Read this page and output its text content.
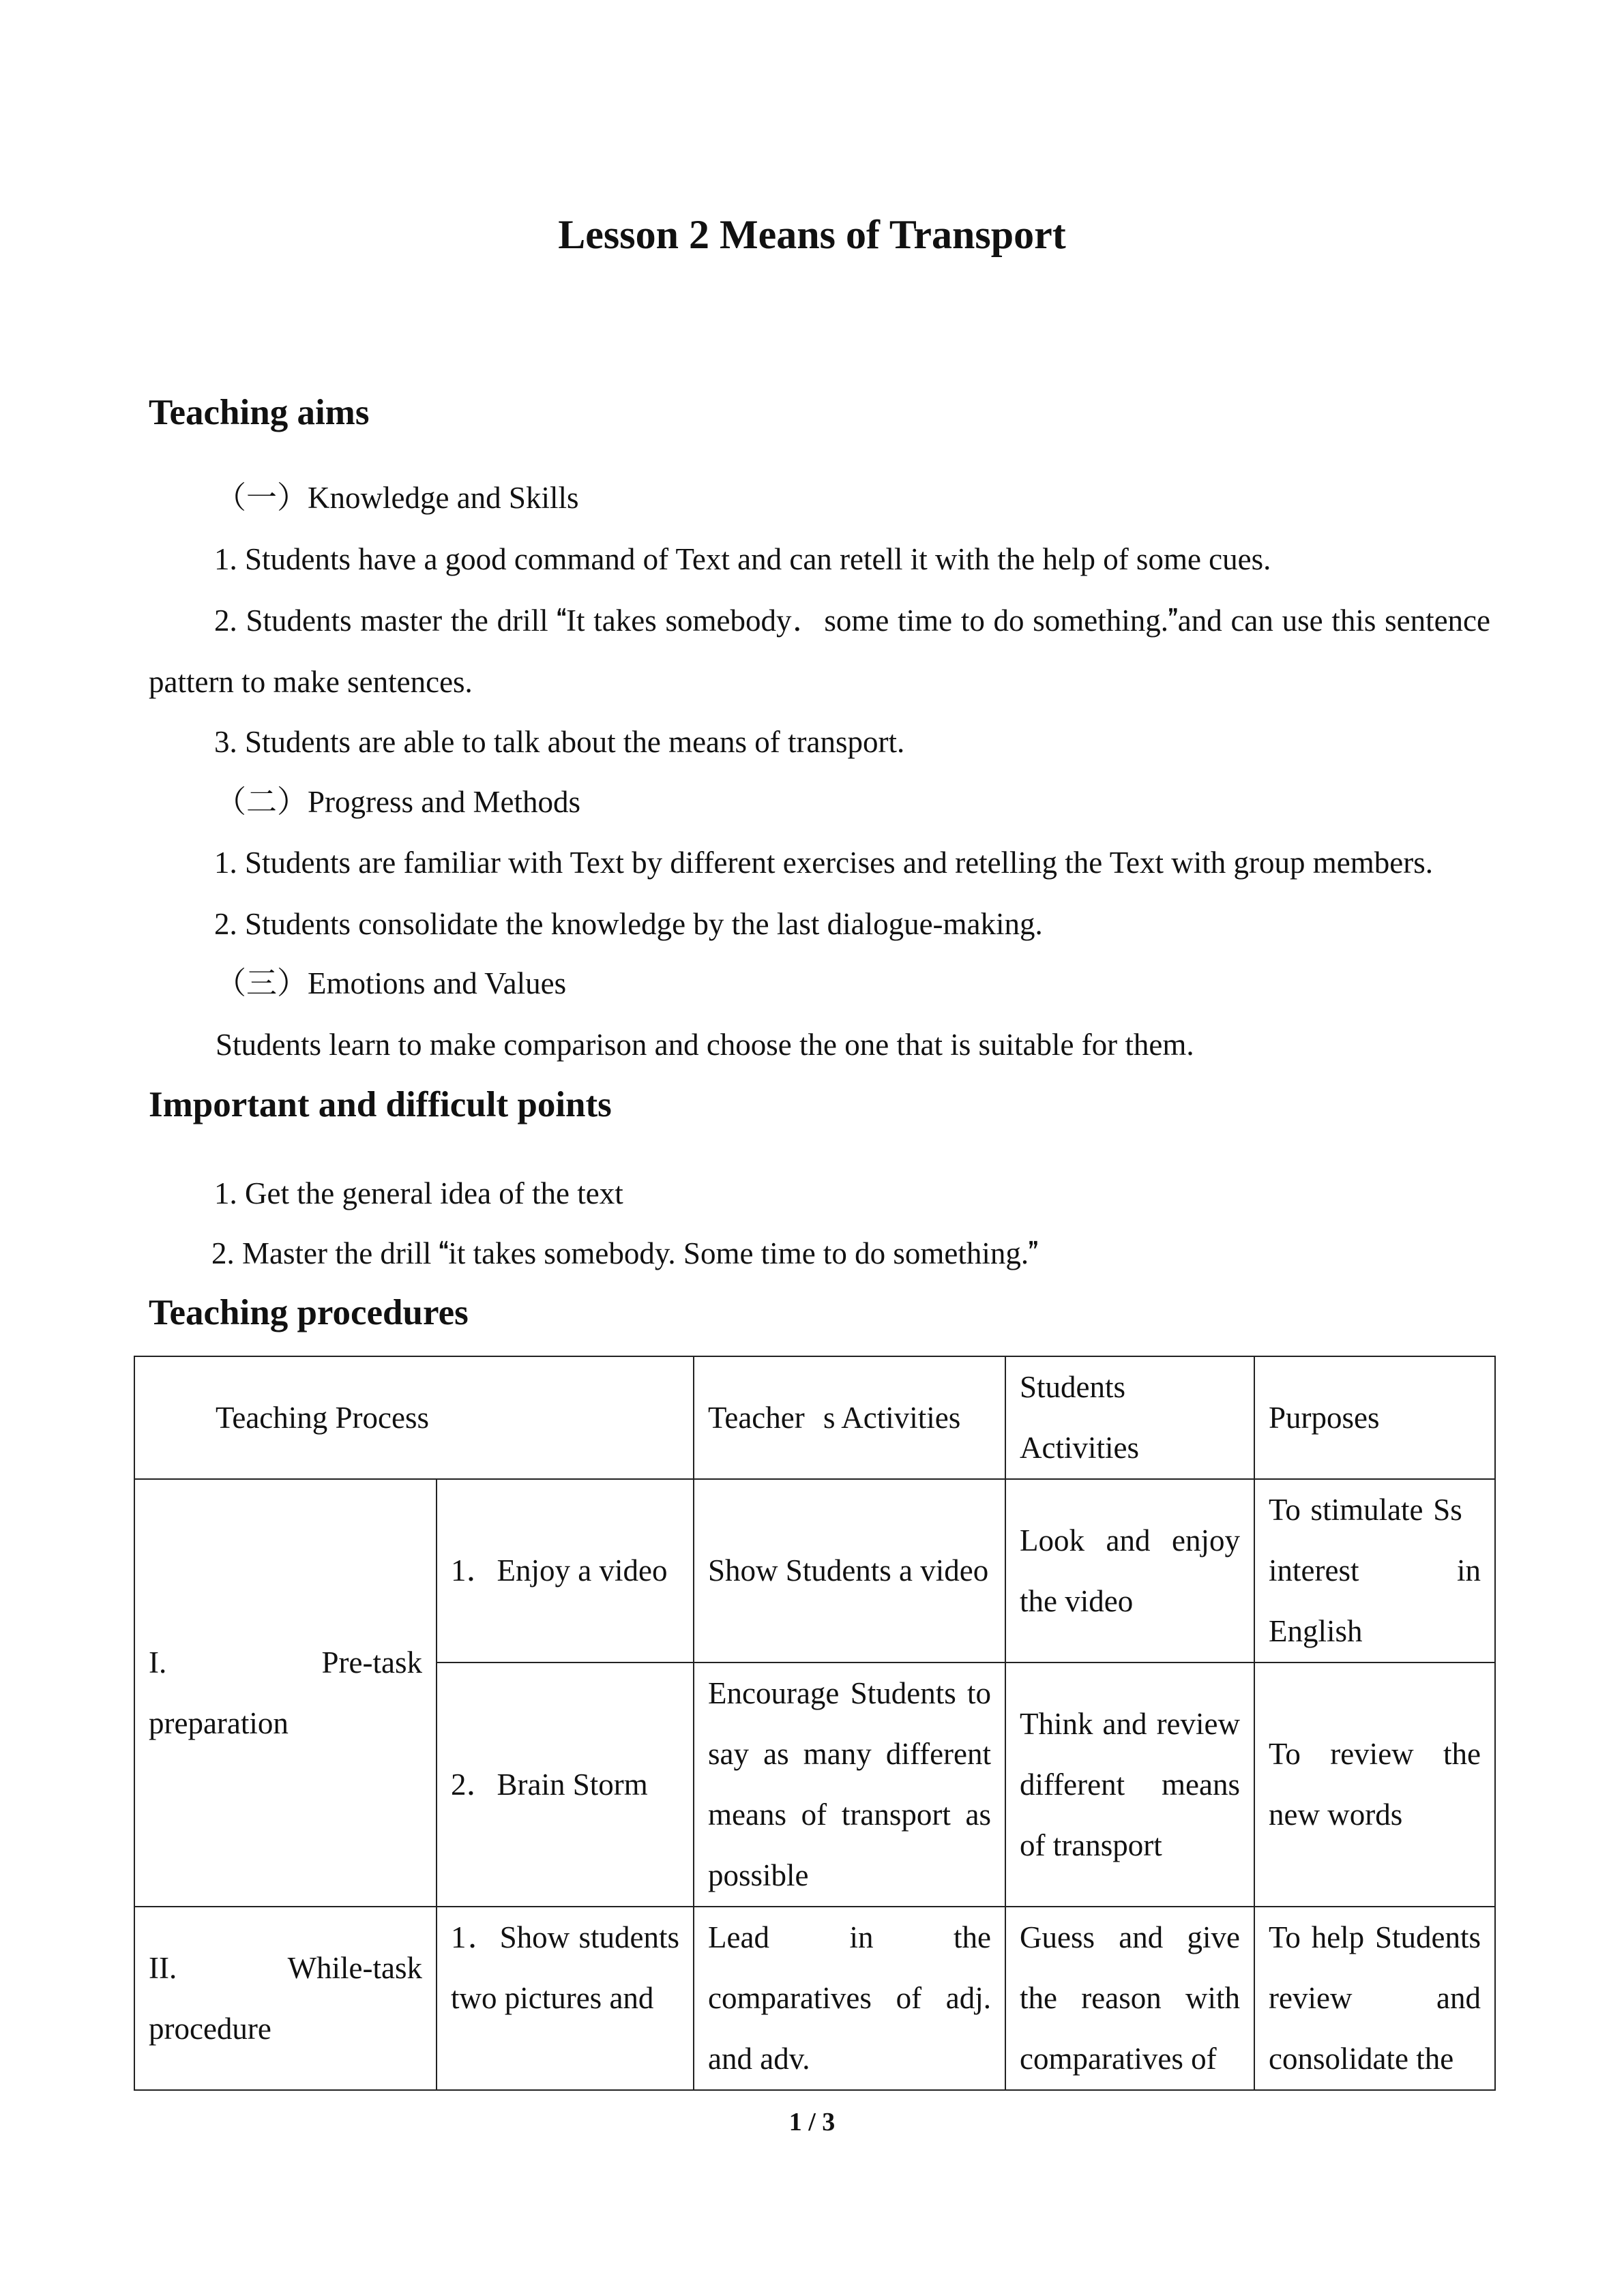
Lesson 2 Means of Transport
Teaching aims

（一）Knowledge and Skills

1. Students have a good command of Text and can retell it with the help of some cues.

2. Students master the drill It takes somebody．some time to do something.and can use this sentence pattern to make sentences.

3. Students are able to talk about the means of transport.

（二）Progress and Methods

1. Students are familiar with Text by different exercises and retelling the Text with group members.

2. Students consolidate the knowledge by the last dialogue-making.

（三）Emotions and Values

Students learn to make comparison and choose the one that is suitable for them.

Important and difficult points

1. Get the general idea of the text

2. Master the drill it takes somebody. Some time to do something.

Teaching procedures
Teaching Process		Teachers Activities	Students Activities	Purposes
I.　　　Pre-task preparation	1．Enjoy a video	Show Students a video	Look and enjoy the video	To stimulate Ss interest in English
	2．Brain Storm	Encourage Students to say as many different means of transport as possible	Think and review different means of transport	To review the new words
II.　　While-task procedure	1．Show students two pictures and	Lead in the comparatives of adj. and adv.	Guess and give the reason with comparatives of	To help Students review and consolidate the
1 / 3
